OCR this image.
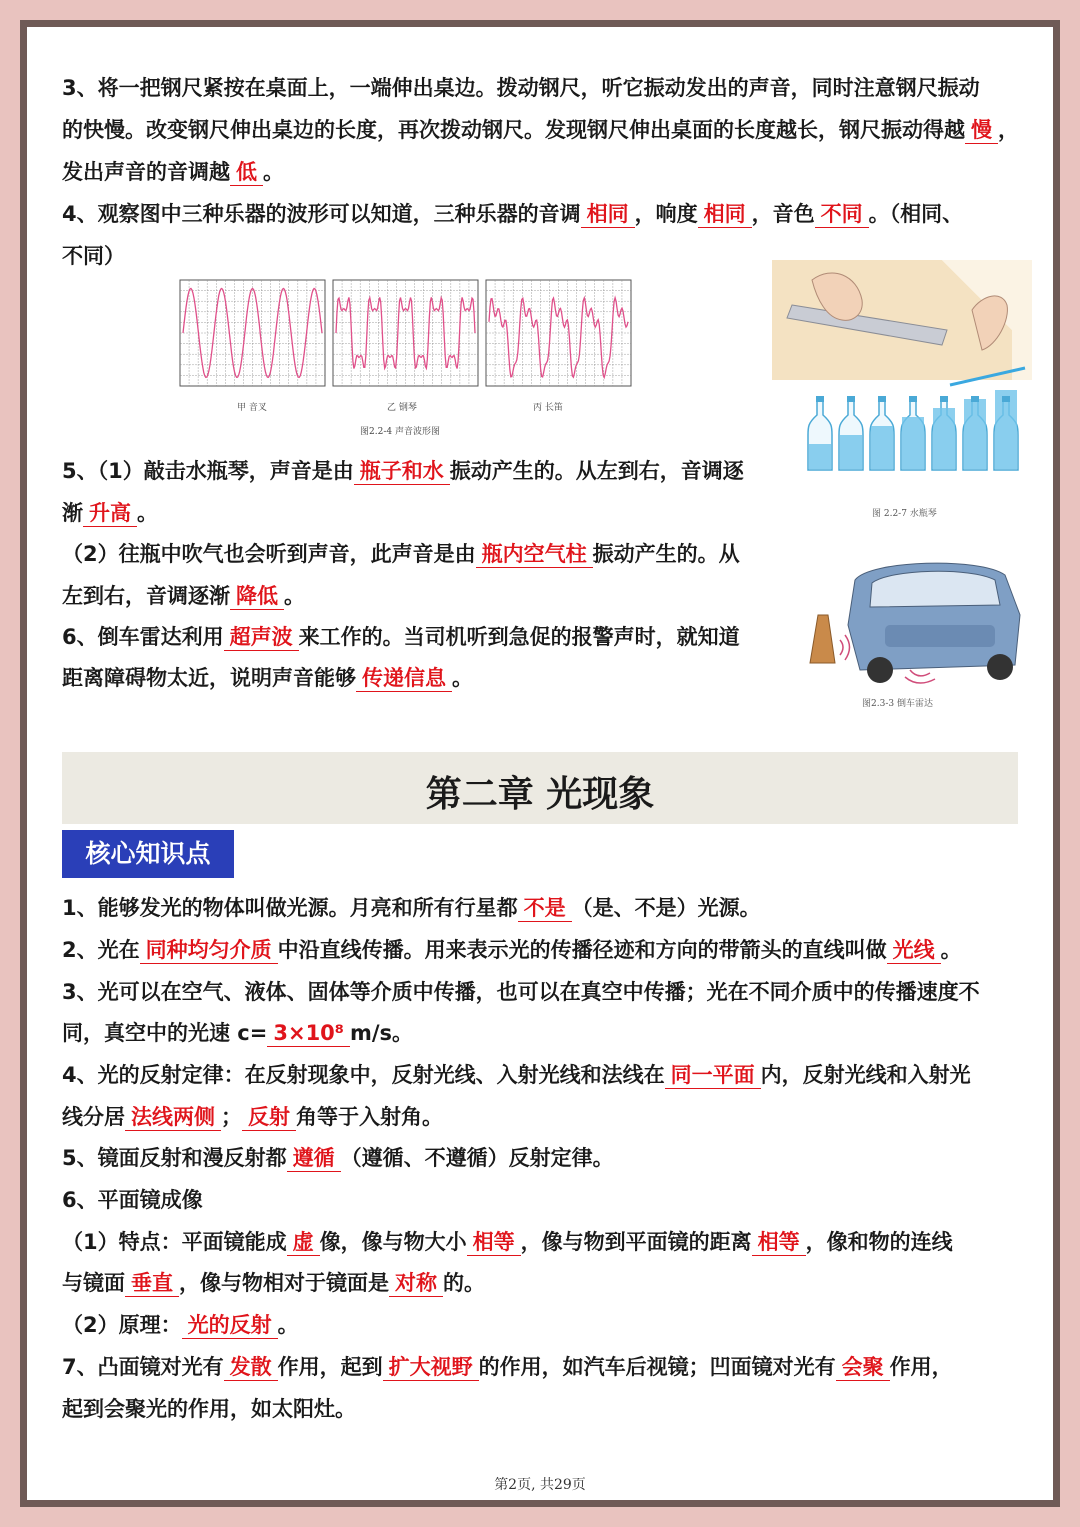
3、将一把钢尺紧按在桌面上，一端伸出桌边。拨动钢尺，听它振动发出的声音，同时注意钢尺振动
的快慢。改变钢尺伸出桌边的长度，再次拨动钢尺。发现钢尺伸出桌面的长度越长，钢尺振动得越 慢 ，
发出声音的音调越 低 。
4、观察图中三种乐器的波形可以知道，三种乐器的音调 相同 ，响度 相同 ，音色 不同 。（相同、
不同）
5、（1）敲击水瓶琴，声音是由 瓶子和水 振动产生的。从左到右，音调逐
渐 升高 。
（2）往瓶中吹气也会听到声音，此声音是由 瓶内空气柱 振动产生的。从
左到右，音调逐渐 降低 。
6、倒车雷达利用 超声波 来工作的。当司机听到急促的报警声时，就知道
距离障碍物太近，说明声音能够 传递信息 。
1、能够发光的物体叫做光源。月亮和所有行星都 不是 （是、不是）光源。
2、光在 同种均匀介质 中沿直线传播。用来表示光的传播径迹和方向的带箭头的直线叫做 光线 。
3、光可以在空气、液体、固体等介质中传播，也可以在真空中传播；光在不同介质中的传播速度不
同，真空中的光速 c= 3×10⁸ m/s。
4、光的反射定律：在反射现象中，反射光线、入射光线和法线在 同一平面 内，反射光线和入射光
线分居 法线两侧 ； 反射 角等于入射角。
5、镜面反射和漫反射都 遵循 （遵循、不遵循）反射定律。
6、平面镜成像
（1）特点：平面镜能成 虚 像，像与物大小 相等 ，像与物到平面镜的距离 相等 ，像和物的连线
与镜面 垂直 ，像与物相对于镜面是 对称 的。
（2）原理： 光的反射 。
7、凸面镜对光有 发散 作用，起到 扩大视野 的作用，如汽车后视镜；凹面镜对光有 会聚 作用，
起到会聚光的作用，如太阳灶。
甲 音叉	乙 钢琴	丙 长笛
图2.2-4 声音波形图
图 2.2-7 水瓶琴
图2.3-3 倒车雷达
第二章 光现象
核心知识点
第2页, 共29页
